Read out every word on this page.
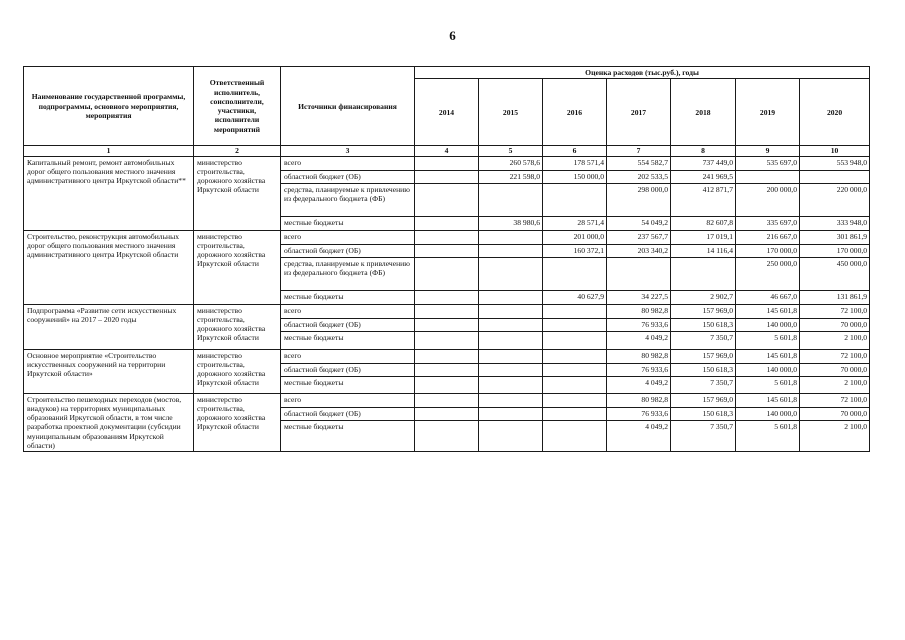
6
Наименование государственной программы, подпрограммы, основного мероприятия, мероприятия	Ответственный исполнитель, соисполнители, участники, исполнители мероприятий	Источники финансирования	Оценка расходов (тыс.руб.), годы						
			2014	2015	2016	2017	2018	2019	2020
1	2	3	4	5	6	7	8	9	10
Капитальный ремонт, ремонт автомобильных дорог общего пользования местного значения административного центра Иркутской области**	министерство строительства, дорожного хозяйства Иркутской области	всего		260 578,6	178 571,4	554 582,7	737 449,0	535 697,0	553 948,0
		областной бюджет (ОБ)		221 598,0	150 000,0	202 533,5	241 969,5		
		средства, планируемые к привлечению из федерального бюджета (ФБ)				298 000,0	412 871,7	200 000,0	220 000,0
		местные бюджеты		38 980,6	28 571,4	54 049,2	82 607,8	335 697,0	333 948,0
Строительство, реконструкция автомобильных дорог общего пользования местного значения административного центра Иркутской области	министерство строительства, дорожного хозяйства Иркутской области	всего			201 000,0	237 567,7	17 019,1	216 667,0	301 861,9
		областной бюджет (ОБ)			160 372,1	203 340,2	14 116,4	170 000,0	170 000,0
		средства, планируемые к привлечению из федерального бюджета (ФБ)						250 000,0	450 000,0
		местные бюджеты			40 627,9	34 227,5	2 902,7	46 667,0	131 861,9
Подпрограмма «Развитие сети искусственных сооружений» на 2017 – 2020 годы	министерство строительства, дорожного хозяйства Иркутской области	всего				80 982,8	157 969,0	145 601,8	72 100,0
		областной бюджет (ОБ)				76 933,6	150 618,3	140 000,0	70 000,0
		местные бюджеты				4 049,2	7 350,7	5 601,8	2 100,0
Основное мероприятие «Строительство искусственных сооружений на территории Иркутской области»	министерство строительства, дорожного хозяйства Иркутской области	всего				80 982,8	157 969,0	145 601,8	72 100,0
		областной бюджет (ОБ)				76 933,6	150 618,3	140 000,0	70 000,0
		местные бюджеты				4 049,2	7 350,7	5 601,8	2 100,0
Строительство пешеходных переходов (мостов, виадуков) на территориях муниципальных образований Иркутской области, в том числе разработка проектной документации (субсидии муниципальным образованиям Иркутской области)	министерство строительства, дорожного хозяйства Иркутской области	всего				80 982,8	157 969,0	145 601,8	72 100,0
		областной бюджет (ОБ)				76 933,6	150 618,3	140 000,0	70 000,0
		местные бюджеты				4 049,2	7 350,7	5 601,8	2 100,0
